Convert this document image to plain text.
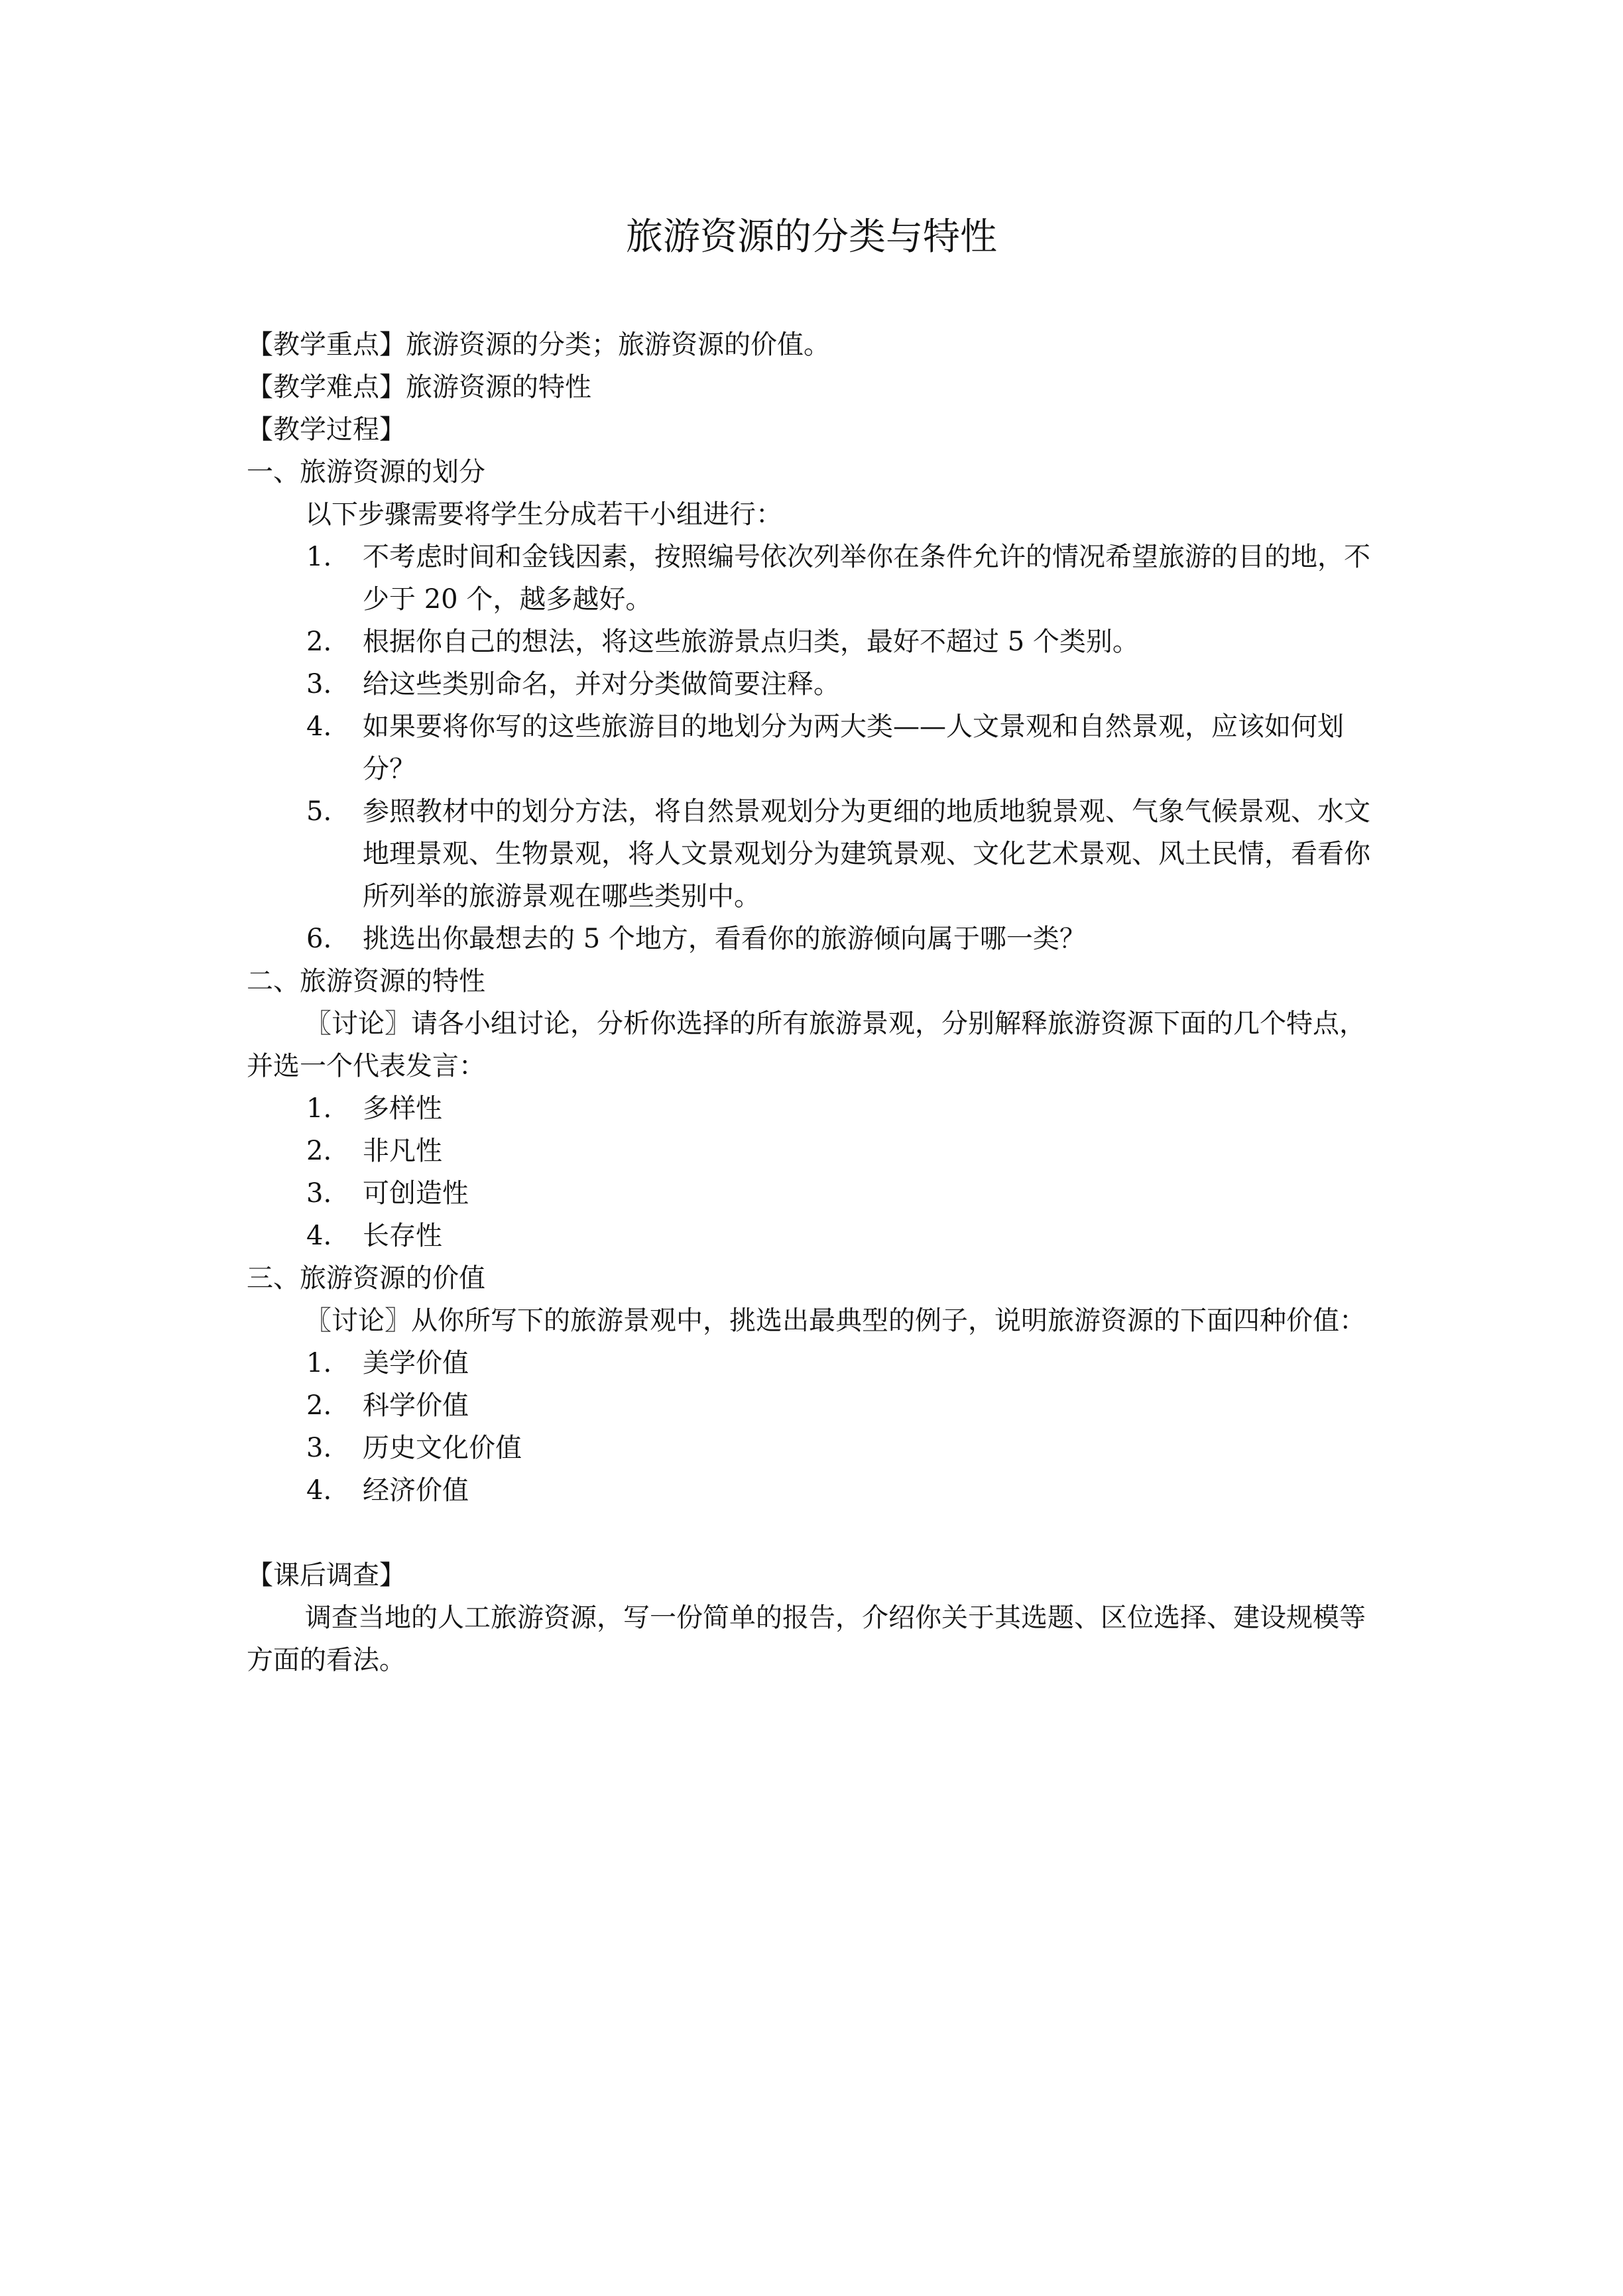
旅游资源的分类与特性
【教学重点】旅游资源的分类；旅游资源的价值。
【教学难点】旅游资源的特性
【教学过程】
一、旅游资源的划分
以下步骤需要将学生分成若干小组进行：
1. 不考虑时间和金钱因素，按照编号依次列举你在条件允许的情况希望旅游的目的地，不少于 20 个，越多越好。
2. 根据你自己的想法，将这些旅游景点归类，最好不超过 5 个类别。
3. 给这些类别命名，并对分类做简要注释。
4. 如果要将你写的这些旅游目的地划分为两大类——人文景观和自然景观，应该如何划分？
5. 参照教材中的划分方法，将自然景观划分为更细的地质地貌景观、气象气候景观、水文地理景观、生物景观，将人文景观划分为建筑景观、文化艺术景观、风土民情，看看你所列举的旅游景观在哪些类别中。
6. 挑选出你最想去的 5 个地方，看看你的旅游倾向属于哪一类？
二、旅游资源的特性
〖讨论〗请各小组讨论，分析你选择的所有旅游景观，分别解释旅游资源下面的几个特点，并选一个代表发言：
1. 多样性
2. 非凡性
3. 可创造性
4. 长存性
三、旅游资源的价值
〖讨论〗从你所写下的旅游景观中，挑选出最典型的例子，说明旅游资源的下面四种价值：
1. 美学价值
2. 科学价值
3. 历史文化价值
4. 经济价值
【课后调查】
调查当地的人工旅游资源，写一份简单的报告，介绍你关于其选题、区位选择、建设规模等方面的看法。
